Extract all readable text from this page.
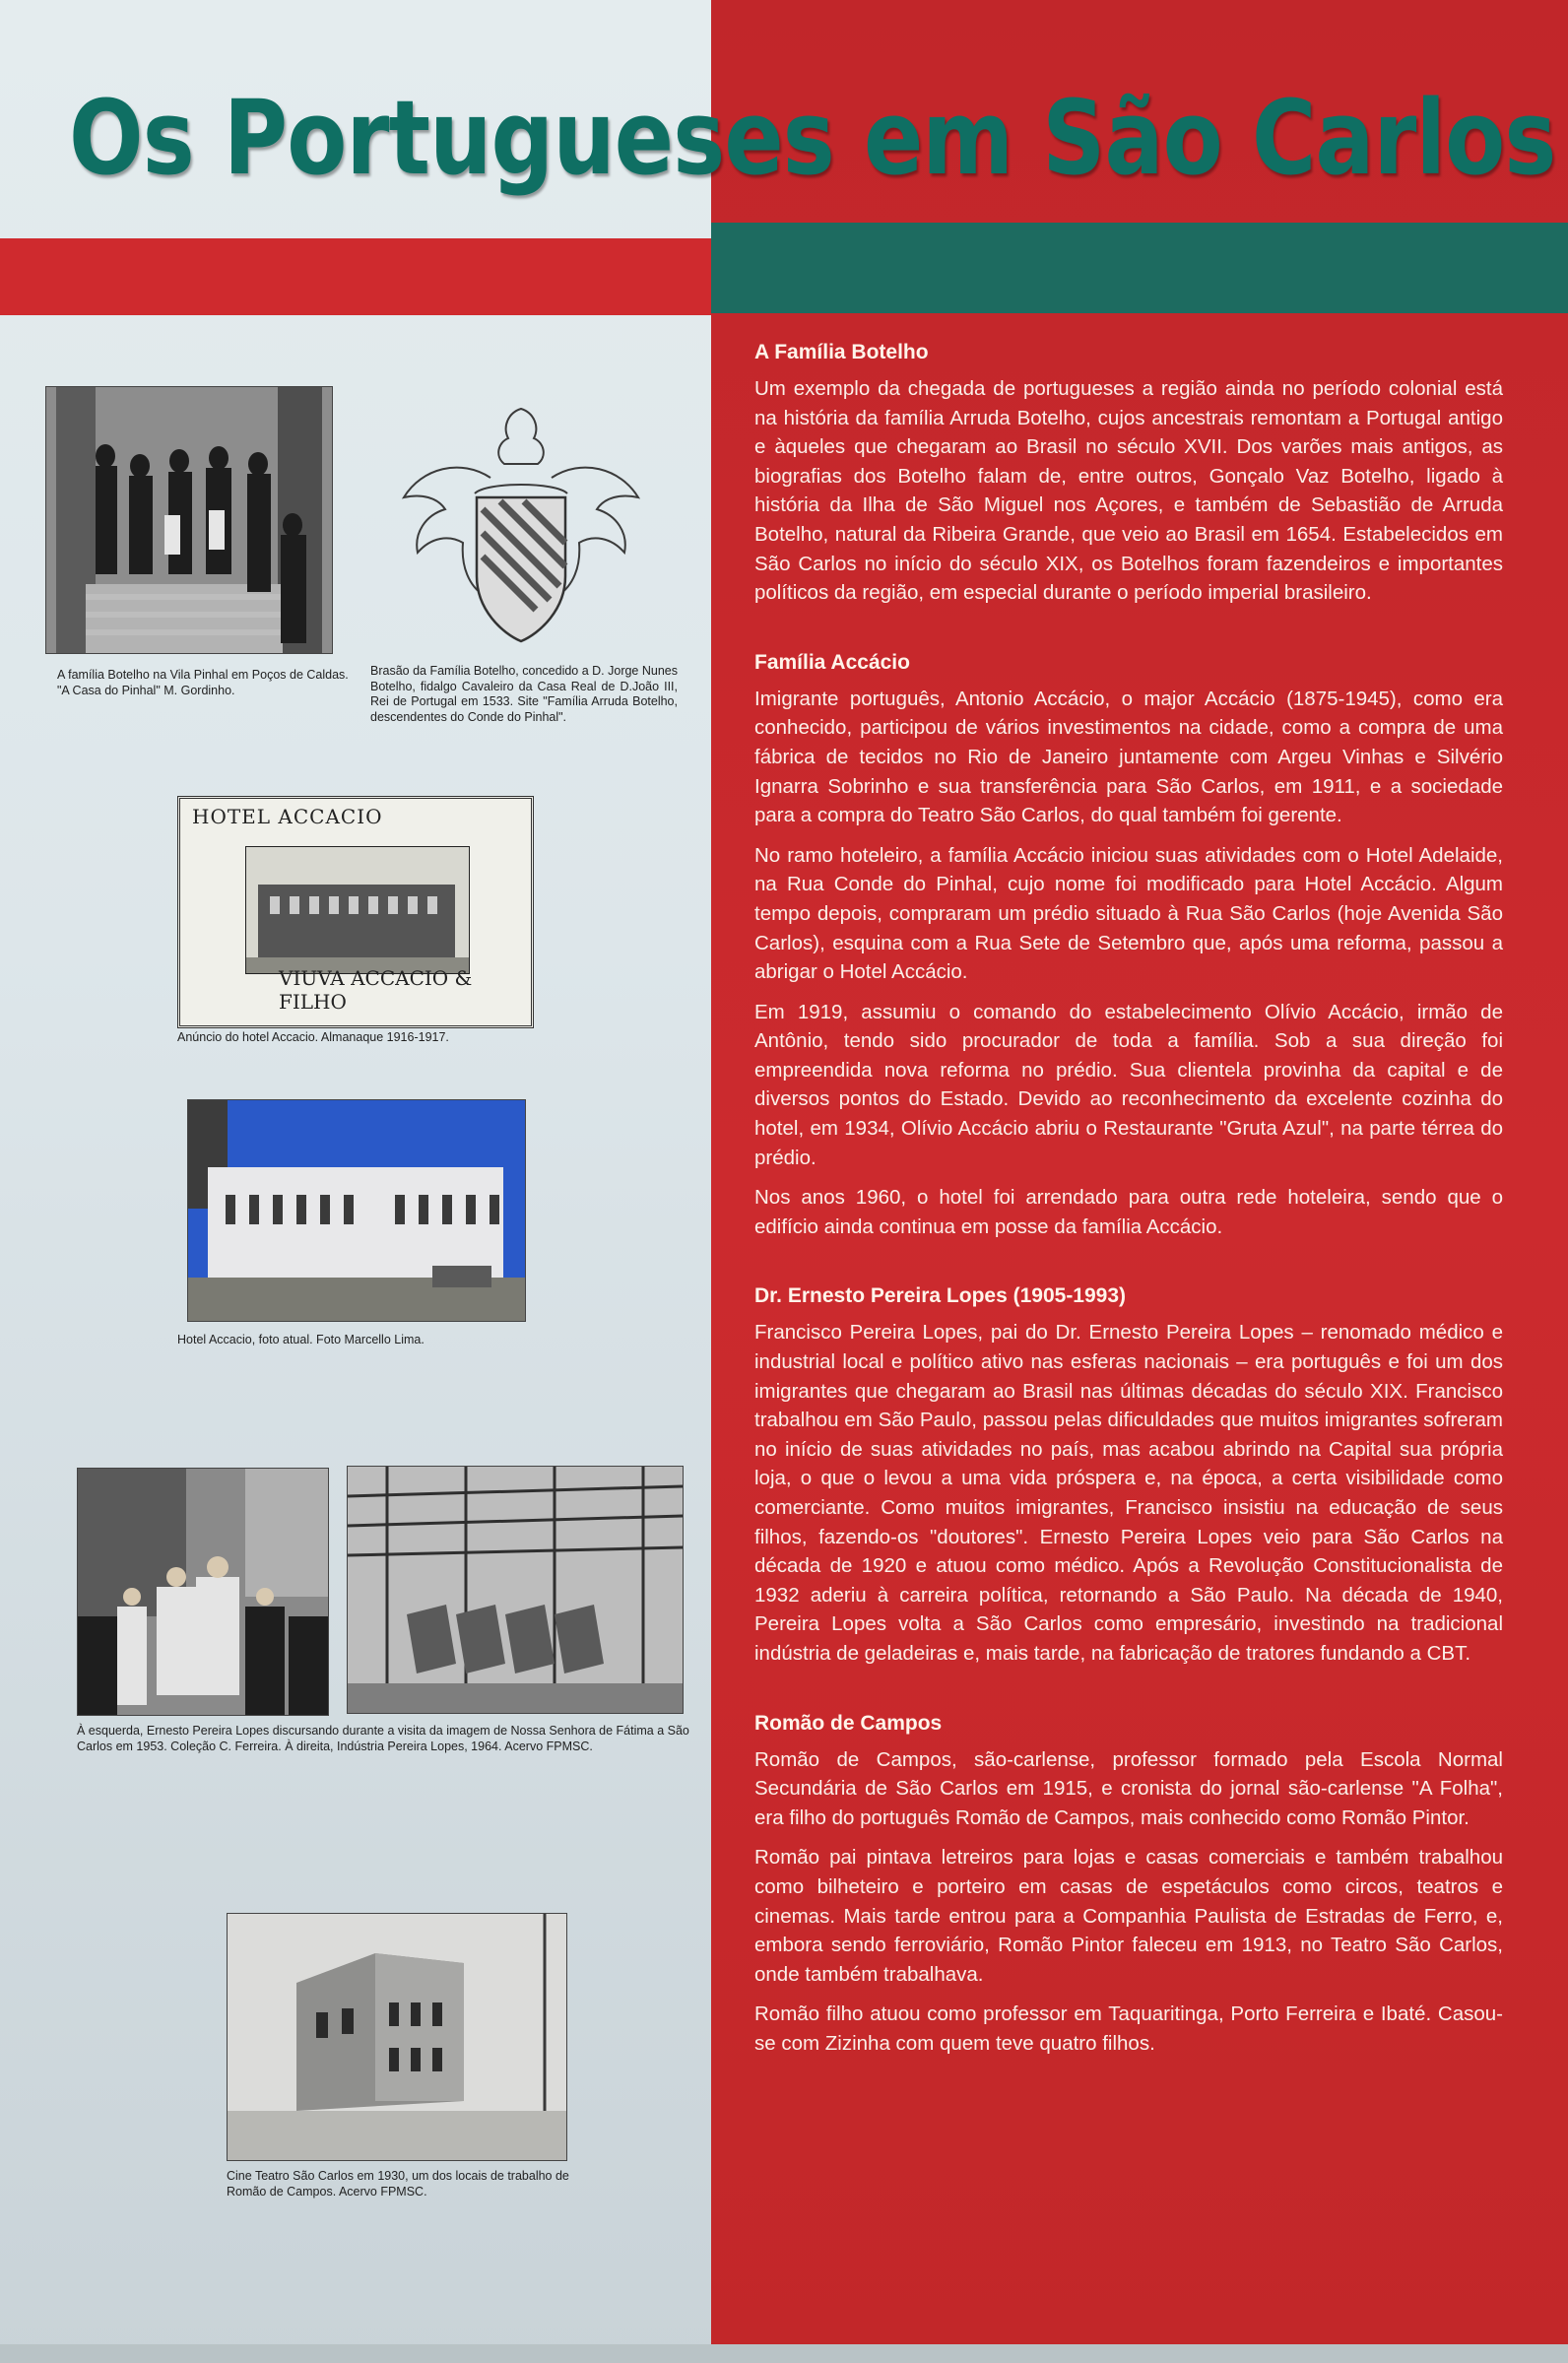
Os Portugueses em São Carlos
A família Botelho na Vila Pinhal em Poços de Caldas. "A Casa do Pinhal" M. Gordinho.
Brasão da Família Botelho, concedido a D. Jorge Nunes Botelho, fidalgo Cavaleiro da Casa Real de D.João III, Rei de Portugal em 1533. Site "Família Arruda Botelho, descendentes do Conde do Pinhal".
HOTEL ACCACIO
VIUVA ACCACIO & FILHO
Anúncio do hotel Accacio. Almanaque 1916-1917.
Hotel Accacio, foto atual. Foto Marcello Lima.
À esquerda, Ernesto Pereira Lopes discursando durante a visita da imagem de Nossa Senhora de Fátima a São Carlos em 1953. Coleção C. Ferreira. À direita, Indústria Pereira Lopes, 1964. Acervo FPMSC.
Cine Teatro São Carlos em 1930, um dos locais de trabalho de Romão de Campos. Acervo FPMSC.
A Família Botelho

Um exemplo da chegada de portugueses a região ainda no período colonial está na história da família Arruda Botelho, cujos ancestrais remontam a Portugal antigo e àqueles que chegaram ao Brasil no século XVII. Dos varões mais antigos, as biografias dos Botelho falam de, entre outros, Gonçalo Vaz Botelho, ligado à história da Ilha de São Miguel nos Açores, e também de Sebastião de Arruda Botelho, natural da Ribeira Grande, que veio ao Brasil em 1654. Estabelecidos em São Carlos no início do século XIX, os Botelhos foram fazendeiros e importantes políticos da região, em especial durante o período imperial brasileiro.

Família Accácio

Imigrante português, Antonio Accácio, o major Accácio (1875-1945), como era conhecido, participou de vários investimentos na cidade, como a compra de uma fábrica de tecidos no Rio de Janeiro juntamente com Argeu Vinhas e Silvério Ignarra Sobrinho e sua transferência para São Carlos, em 1911, e a sociedade para a compra do Teatro São Carlos, do qual também foi gerente.

No ramo hoteleiro, a família Accácio iniciou suas atividades com o Hotel Adelaide, na Rua Conde do Pinhal, cujo nome foi modificado para Hotel Accácio. Algum tempo depois, compraram um prédio situado à Rua São Carlos (hoje Avenida São Carlos), esquina com a Rua Sete de Setembro que, após uma reforma, passou a abrigar o Hotel Accácio.

Em 1919, assumiu o comando do estabelecimento Olívio Accácio, irmão de Antônio, tendo sido procurador de toda a família. Sob a sua direção foi empreendida nova reforma no prédio. Sua clientela provinha da capital e de diversos pontos do Estado. Devido ao reconhecimento da excelente cozinha do hotel, em 1934, Olívio Accácio abriu o Restaurante "Gruta Azul", na parte térrea do prédio.

Nos anos 1960, o hotel foi arrendado para outra rede hoteleira, sendo que o edifício ainda continua em posse da família Accácio.

Dr. Ernesto Pereira Lopes (1905-1993)

Francisco Pereira Lopes, pai do Dr. Ernesto Pereira Lopes – renomado médico e industrial local e político ativo nas esferas nacionais – era português e foi um dos imigrantes que chegaram ao Brasil nas últimas décadas do século XIX. Francisco trabalhou em São Paulo, passou pelas dificuldades que muitos imigrantes sofreram no início de suas atividades no país, mas acabou abrindo na Capital sua própria loja, o que o levou a uma vida próspera e, na época, a certa visibilidade como comerciante. Como muitos imigrantes, Francisco insistiu na educação de seus filhos, fazendo-os "doutores". Ernesto Pereira Lopes veio para São Carlos na década de 1920 e atuou como médico. Após a Revolução Constitucionalista de 1932 aderiu à carreira política, retornando a São Paulo. Na década de 1940, Pereira Lopes volta a São Carlos como empresário, investindo na tradicional indústria de geladeiras e, mais tarde, na fabricação de tratores fundando a CBT.

Romão de Campos

Romão de Campos, são-carlense, professor formado pela Escola Normal Secundária de São Carlos em 1915, e cronista do jornal são-carlense "A Folha", era filho do português Romão de Campos, mais conhecido como Romão Pintor.

Romão pai pintava letreiros para lojas e casas comerciais e também trabalhou como bilheteiro e porteiro em casas de espetáculos como circos, teatros e cinemas. Mais tarde entrou para a Companhia Paulista de Estradas de Ferro, e, embora sendo ferroviário, Romão Pintor faleceu em 1913, no Teatro São Carlos, onde também trabalhava.

Romão filho atuou como professor em Taquaritinga, Porto Ferreira e Ibaté. Casou-se com Zizinha com quem teve quatro filhos.
